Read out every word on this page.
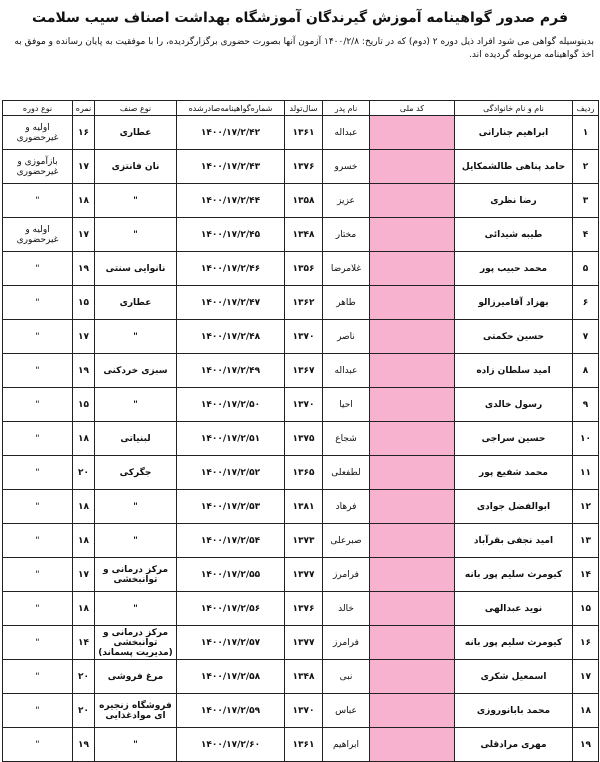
فرم صدور گواهینامه آموزش گیرندگان آموزشگاه بهداشت اصناف سیب سلامت
بدینوسیله گواهی می شود افراد ذیل دوره ۲ (دوم) که در تاریخ: ۱۴۰۰/۲/۸ آزمون آنها بصورت حضوری برگزارگردیده، را با موفقیت به پایان رسانده و موفق به اخذ گواهینامه مربوطه گردیده اند.
ردیف	نام و نام خانوادگی	کد ملی	نام پدر	سال‌تولد	شماره‌گواهینامه‌صادرشده	نوع صنف	نمره	نوع دوره
۱	ابراهیم جنارانی		عبداله	۱۳۶۱	۱۴۰۰/۱۷/۲/۴۲	عطاری	۱۶	اولیه و غیرحضوری
۲	حامد پناهی طالشمکایل		خسرو	۱۳۷۶	۱۴۰۰/۱۷/۲/۴۳	نان فانتزی	۱۷	بازآموزی و غیرحضوری
۳	رضا نظری		عزیز	۱۳۵۸	۱۴۰۰/۱۷/۲/۴۴	"	۱۸	"
۴	طیبه شیدائی		مختار	۱۳۴۸	۱۴۰۰/۱۷/۲/۴۵	"	۱۷	اولیه و غیرحضوری
۵	محمد حبیب پور		غلامرضا	۱۳۵۶	۱۴۰۰/۱۷/۲/۴۶	نانوایی سنتی	۱۹	"
۶	بهزاد آقامیرزالو		طاهر	۱۳۶۲	۱۴۰۰/۱۷/۲/۴۷	عطاری	۱۵	"
۷	حسین حکمتی		ناصر	۱۳۷۰	۱۴۰۰/۱۷/۲/۴۸	"	۱۷	"
۸	امید سلطان زاده		عبداله	۱۳۶۷	۱۴۰۰/۱۷/۲/۴۹	سبزی خردکنی	۱۹	"
۹	رسول خالدی		احیا	۱۳۷۰	۱۴۰۰/۱۷/۲/۵۰	"	۱۵	"
۱۰	حسین سراجی		شجاع	۱۳۷۵	۱۴۰۰/۱۷/۲/۵۱	لبنیاتی	۱۸	"
۱۱	محمد شفیع پور		لطفعلی	۱۳۶۵	۱۴۰۰/۱۷/۲/۵۲	جگرکی	۲۰	"
۱۲	ابوالفضل جوادی		فرهاد	۱۳۸۱	۱۴۰۰/۱۷/۲/۵۳	"	۱۸	"
۱۳	امید نجفی بقرآباد		صبرعلی	۱۳۷۳	۱۴۰۰/۱۷/۲/۵۴	"	۱۸	"
۱۴	کیومرث سلیم پور بانه		فرامرز	۱۳۷۷	۱۴۰۰/۱۷/۲/۵۵	مرکز درمانی و توانبخشی	۱۷	"
۱۵	نوید عبدالهی		خالد	۱۳۷۶	۱۴۰۰/۱۷/۲/۵۶	"	۱۸	"
۱۶	کیومرث سلیم پور بانه		فرامرز	۱۳۷۷	۱۴۰۰/۱۷/۲/۵۷	مرکز درمانی و توانبخشی (مدیریت پسماند)	۱۴	"
۱۷	اسمعیل شکری		نبی	۱۳۴۸	۱۴۰۰/۱۷/۲/۵۸	مرغ فروشی	۲۰	"
۱۸	محمد بابانوروزی		عباس	۱۳۷۰	۱۴۰۰/۱۷/۲/۵۹	فروشگاه زنجیره ای موادغذایی	۲۰	"
۱۹	مهری مرادقلی		ابراهیم	۱۳۶۱	۱۴۰۰/۱۷/۲/۶۰	"	۱۹	"
